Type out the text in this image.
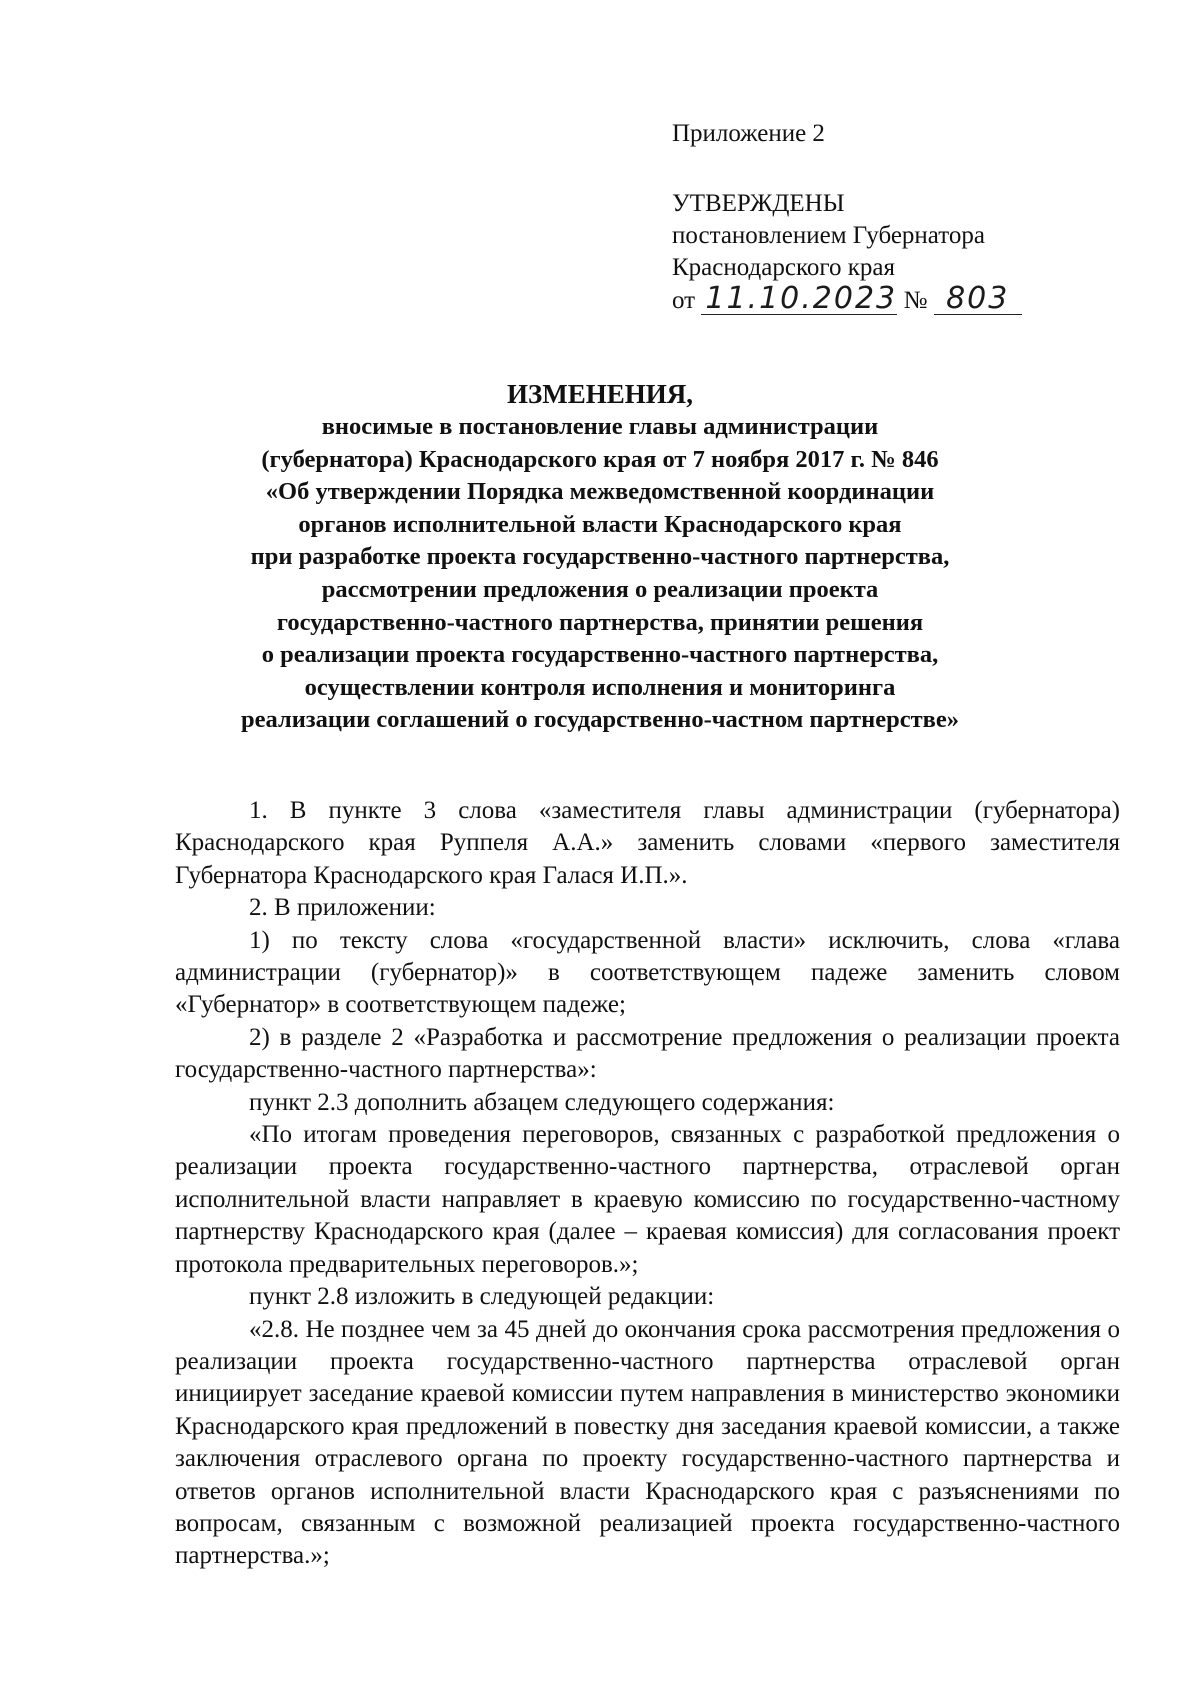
Приложение 2
УТВЕРЖДЕНЫ
постановлением Губернатора
Краснодарского края
от 11.10.2023 № 803
ИЗМЕНЕНИЯ,
вносимые в постановление главы администрации
(губернатора) Краснодарского края от 7 ноября 2017 г. № 846
«Об утверждении Порядка межведомственной координации
органов исполнительной власти Краснодарского края
при разработке проекта государственно-частного партнерства,
рассмотрении предложения о реализации проекта
государственно-частного партнерства, принятии решения
о реализации проекта государственно-частного партнерства,
осуществлении контроля исполнения и мониторинга
реализации соглашений о государственно-частном партнерстве»

1. В пункте 3 слова «заместителя главы администрации (губернатора) Краснодарского края Руппеля А.А.» заменить словами «первого заместителя Губернатора Краснодарского края Галася И.П.».

2. В приложении:

1) по тексту слова «государственной власти» исключить, слова «глава администрации (губернатор)» в соответствующем падеже заменить словом «Губернатор» в соответствующем падеже;

2) в разделе 2 «Разработка и рассмотрение предложения о реализации проекта государственно-частного партнерства»:

пункт 2.3 дополнить абзацем следующего содержания:

«По итогам проведения переговоров, связанных с разработкой предложения о реализации проекта государственно-частного партнерства, отраслевой орган исполнительной власти направляет в краевую комиссию по государственно-частному партнерству Краснодарского края (далее – краевая комиссия) для согласования проект протокола предварительных переговоров.»;

пункт 2.8 изложить в следующей редакции:

«2.8. Не позднее чем за 45 дней до окончания срока рассмотрения предложения о реализации проекта государственно-частного партнерства отраслевой орган инициирует заседание краевой комиссии путем направления в министерство экономики Краснодарского края предложений в повестку дня заседания краевой комиссии, а также заключения отраслевого органа по проекту государственно-частного партнерства и ответов органов исполнительной власти Краснодарского края с разъяснениями по вопросам, связанным с возможной реализацией проекта государственно-частного партнерства.»;
